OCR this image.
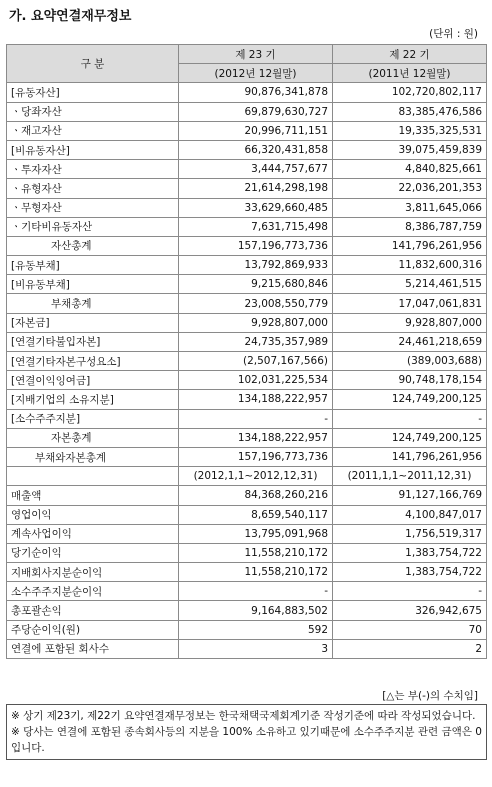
가. 요약연결재무정보
(단위 : 원)
구 분	제 23 기	제 22 기
	(2012년 12월말)	(2011년 12월말)
[유동자산]	90,876,341,878	102,720,802,117
ㆍ당좌자산	69,879,630,727	83,385,476,586
ㆍ재고자산	20,996,711,151	19,335,325,531
[비유동자산]	66,320,431,858	39,075,459,839
ㆍ투자자산	3,444,757,677	4,840,825,661
ㆍ유형자산	21,614,298,198	22,036,201,353
ㆍ무형자산	33,629,660,485	3,811,645,066
ㆍ기타비유동자산	7,631,715,498	8,386,787,759
자산총계	157,196,773,736	141,796,261,956
[유동부채]	13,792,869,933	11,832,600,316
[비유동부채]	9,215,680,846	5,214,461,515
부채총계	23,008,550,779	17,047,061,831
[자본금]	9,928,807,000	9,928,807,000
[연결기타불입자본]	24,735,357,989	24,461,218,659
[연결기타자본구성요소]	(2,507,167,566)	(389,003,688)
[연결이익잉여금]	102,031,225,534	90,748,178,154
[지배기업의 소유지분]	134,188,222,957	124,749,200,125
[소수주주지분]	-	-
자본총계	134,188,222,957	124,749,200,125
부채와자본총계	157,196,773,736	141,796,261,956
	(2012,1,1~2012,12,31)	(2011,1,1~2011,12,31)
매출액	84,368,260,216	91,127,166,769
영업이익	8,659,540,117	4,100,847,017
계속사업이익	13,795,091,968	1,756,519,317
당기순이익	11,558,210,172	1,383,754,722
지배회사지분순이익	11,558,210,172	1,383,754,722
소수주주지분순이익	-	-
총포괄손익	9,164,883,502	326,942,675
주당순이익(원)	592	70
연결에 포함된 회사수	3	2
[△는 부(-)의 수치임]
※ 상기 제23기, 제22기 요약연결재무정보는 한국채택국제회계기준 작성기준에 따라 작성되었습니다.
※ 당사는 연결에 포함된 종속회사등의 지분을 100% 소유하고 있기때문에 소수주주지분 관련 금액은 0입니다.
